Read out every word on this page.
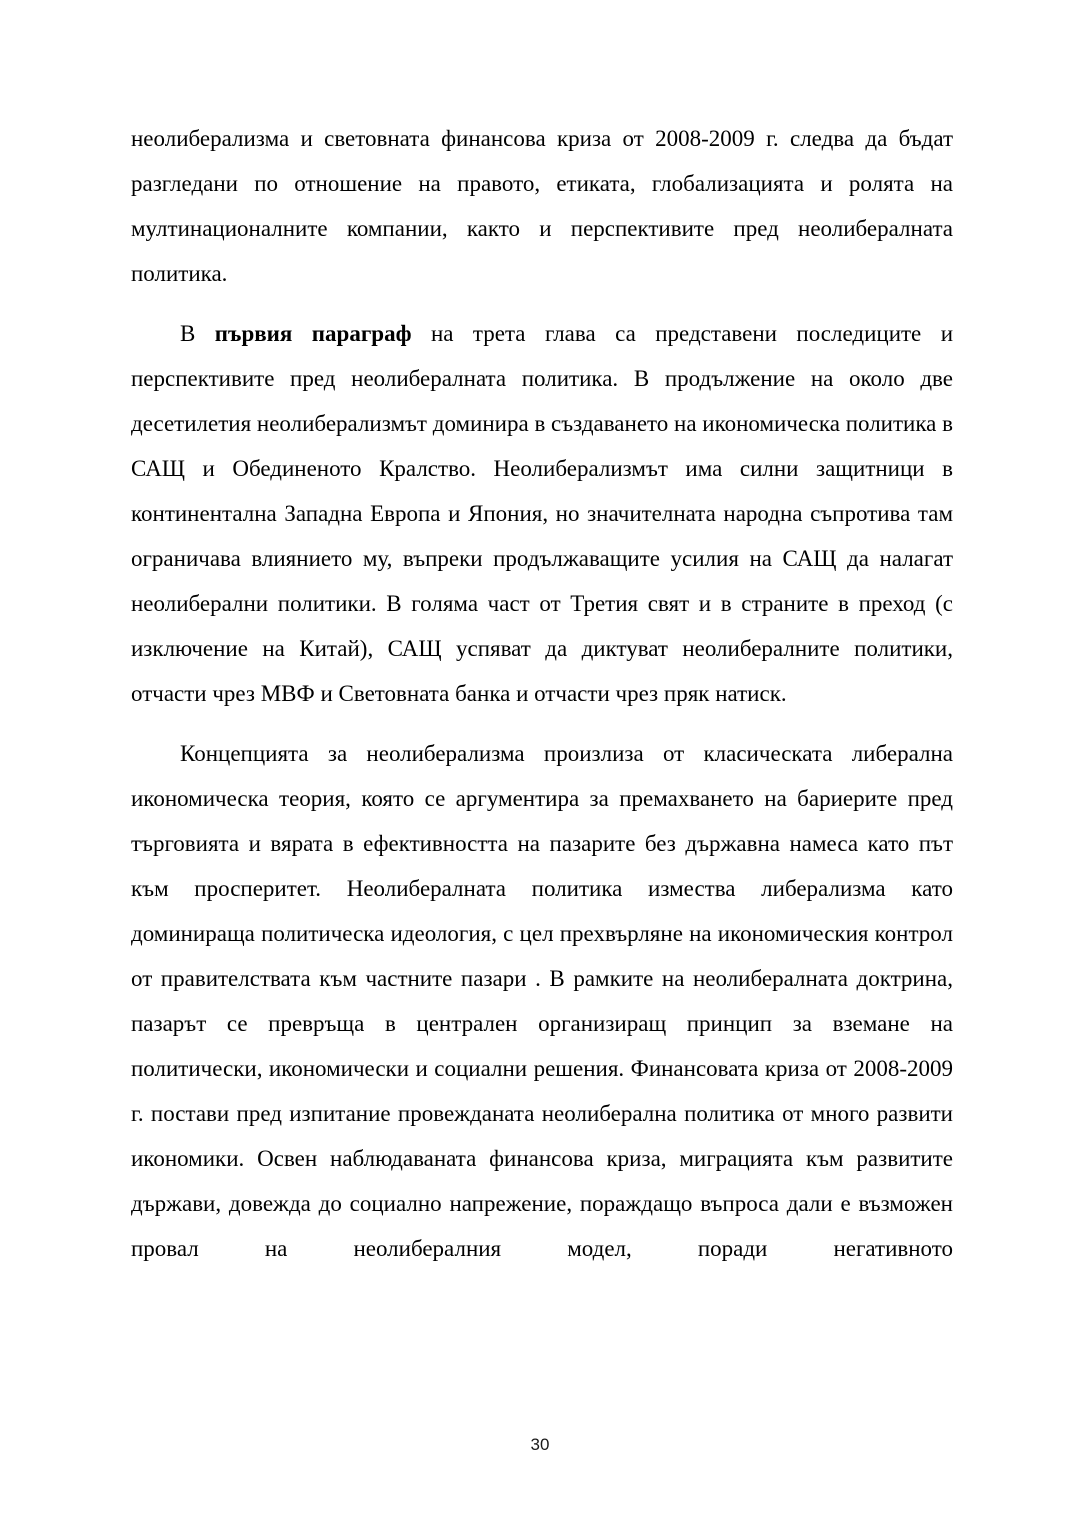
неолиберализма и световната финансова криза от 2008-2009 г. следва да бъдат разгледани по отношение на правото, етиката, глобализацията и ролята на мултинационалните компании, както и перспективите пред неолибералната политика.

В първия параграф на трета глава са представени последиците и перспективите пред неолибералната политика. В продължение на около две десетилетия неолиберализмът доминира в създаването на икономическа политика в САЩ и Обединеното Кралство. Неолиберализмът има силни защитници в континентална Западна Европа и Япония, но значителната народна съпротива там ограничава влиянието му, въпреки продължаващите усилия на САЩ да налагат неолиберални политики. В голяма част от Третия свят и в страните в преход (с изключение на Китай), САЩ успяват да диктуват неолибералните политики, отчасти чрез МВФ и Световната банка и отчасти чрез пряк натиск.

Концепцията за неолиберализма произлиза от класическата либерална икономическа теория, която се аргументира за премахването на бариерите пред търговията и вярата в ефективността на пазарите без държавна намеса като път към просперитет. Неолибералната политика измества либерализма като доминираща политическа идеология, с цел прехвърляне на икономическия контрол от правителствата към частните пазари . В рамките на неолибералната доктрина, пазарът се превръща в централен организиращ принцип за вземане на политически, икономически и социални решения. Финансовата криза от 2008-2009 г. постави пред изпитание провежданата неолиберална политика от много развити икономики. Освен наблюдаваната финансова криза, миграцията към развитите държави, довежда до социално напрежение, пораждащо въпроса дали е възможен провал на неолибералния модел, поради негативното

30
